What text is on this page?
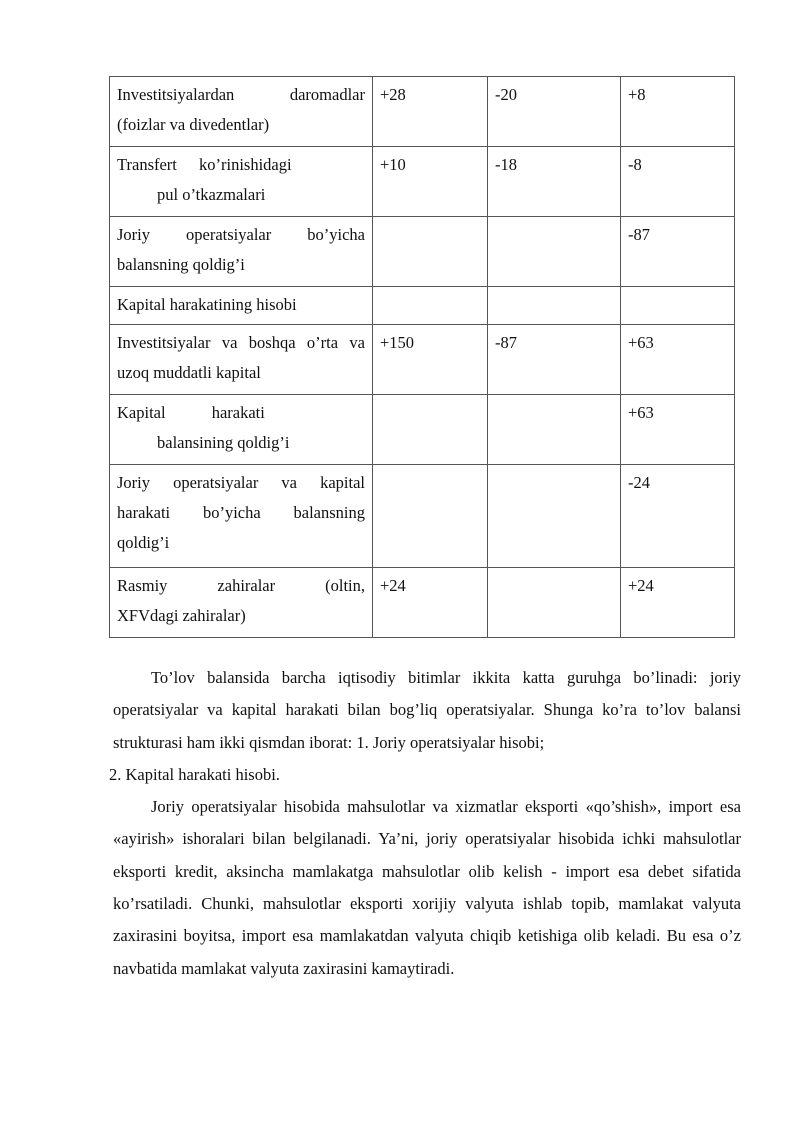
Investitsiyalardan daromadlar
(foizlar va divedentlar)	+28	-20	+8

Transfert ko’rinishidagi
pul o’tkazmalari	+10	-18	-8

Joriy operatsiyalar bo’yicha
balansning qoldig’i			-87
Kapital harakatining hisobi			

Investitsiyalar va boshqa o’rta va
uzoq muddatli kapital	+150	-87	+63

Kapital harakati
balansining qoldig’i			+63

Joriy operatsiyalar va kapital
harakati bo’yicha balansning
qoldig’i			-24

Rasmiy zahiralar (oltin,
XFVdagi zahiralar)	+24		+24

To’lov balansida barcha iqtisodiy bitimlar ikkita katta guruhga bo’linadi: joriy operatsiyalar va kapital harakati bilan bog’liq operatsiyalar. Shunga ko’ra to’lov balansi strukturasi ham ikki qismdan iborat: 1. Joriy operatsiyalar hisobi;

2. Kapital harakati hisobi.

Joriy operatsiyalar hisobida mahsulotlar va xizmatlar eksporti «qo’shish», import esa «ayirish» ishoralari bilan belgilanadi. Ya’ni, joriy operatsiyalar hisobida ichki mahsulotlar eksporti kredit, aksincha mamlakatga mahsulotlar olib kelish - import esa debet sifatida ko’rsatiladi. Chunki, mahsulotlar eksporti xorijiy valyuta ishlab topib, mamlakat valyuta zaxirasini boyitsa, import esa mamlakatdan valyuta chiqib ketishiga olib keladi. Bu esa o’z navbatida mamlakat valyuta zaxirasini kamaytiradi.
